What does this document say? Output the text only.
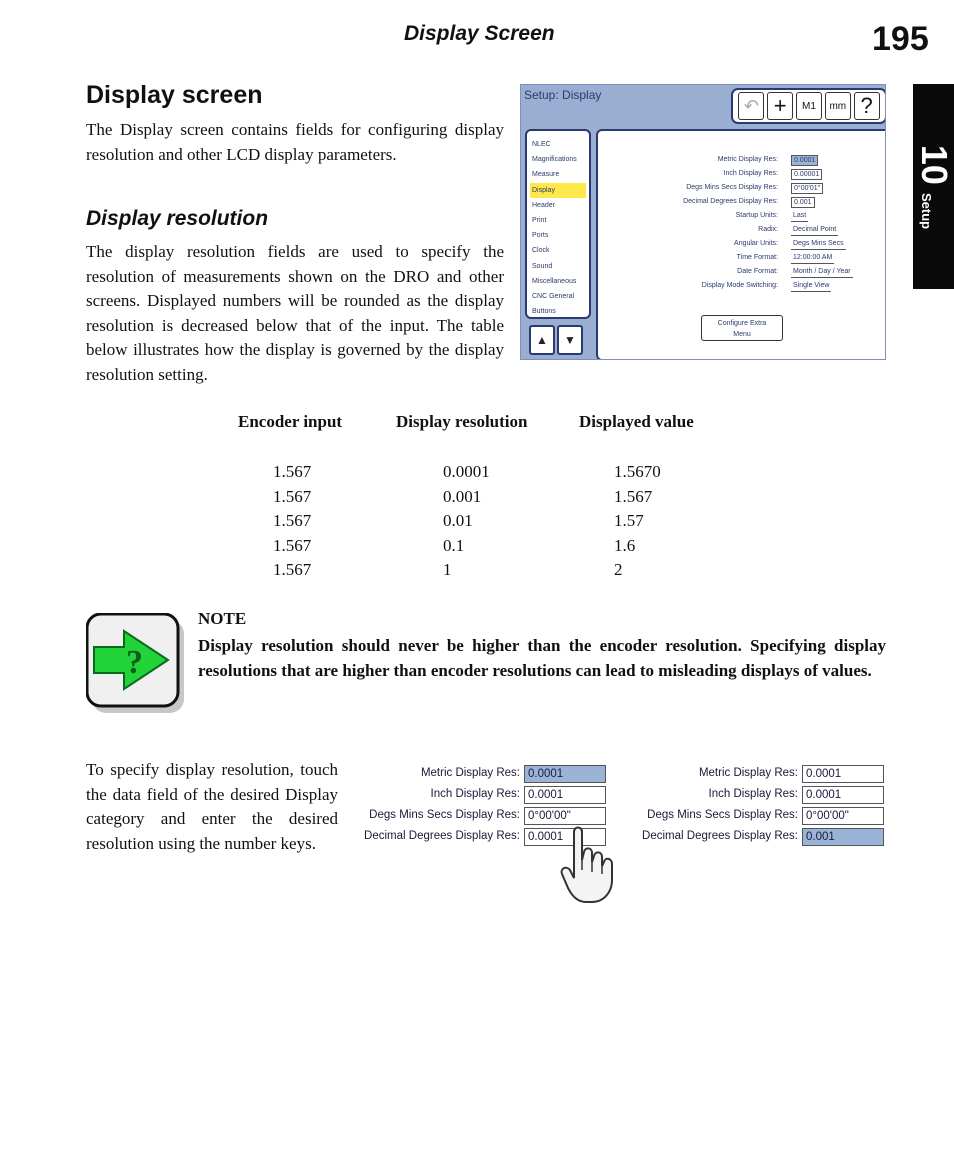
Display Screen	195
10
Setup
Display screen
The Display screen contains fields for configuring display resolution and other LCD display parameters.
Display resolution
The display resolution fields are used to specify the resolution of measurements shown on the DRO and other screens. Displayed numbers will be rounded as the display resolution is decreased below that of the input. The table below illustrates how the display is governed by the display resolution setting.
Setup: Display
↶ +	M1	mm ?
NLEC
Magnifications
Measure
Display
Header
Print
Ports
Clock
Sound
Miscellaneous
CNC General
Buttons
▲	▼
Metric Display Res:	0.0001
Inch Display Res:	0.00001
Degs Mins Secs Display Res:	0°00'01"
Decimal Degrees Display Res:	0.001
Startup Units: Last
Radix: Decimal Point
Angular Units: Degs Mins Secs
Time Format: 12:00:00 AM
Date Format: Month / Day / Year
Display Mode Switching: Single View
Configure Extra
Menu
Encoder input	Display resolution	Displayed value
1.567	0.0001	1.5670
1.567	0.001	1.567
1.567	0.01	1.57
1.567	0.1	1.6
1.567	1	2
?
NOTE
Display resolution should never be higher than the encoder resolution. Specifying display resolutions that are higher than encoder resolutions can lead to misleading displays of values.
To specify display resolution, touch the data field of the desired Display category and enter the desired resolution using the number keys.
Metric Display Res: 0.0001
Inch Display Res: 0.0001
Degs Mins Secs Display Res: 0°00'00"
Decimal Degrees Display Res: 0.0001
Metric Display Res: 0.0001
Inch Display Res: 0.0001
Degs Mins Secs Display Res: 0°00'00"
Decimal Degrees Display Res: 0.001
